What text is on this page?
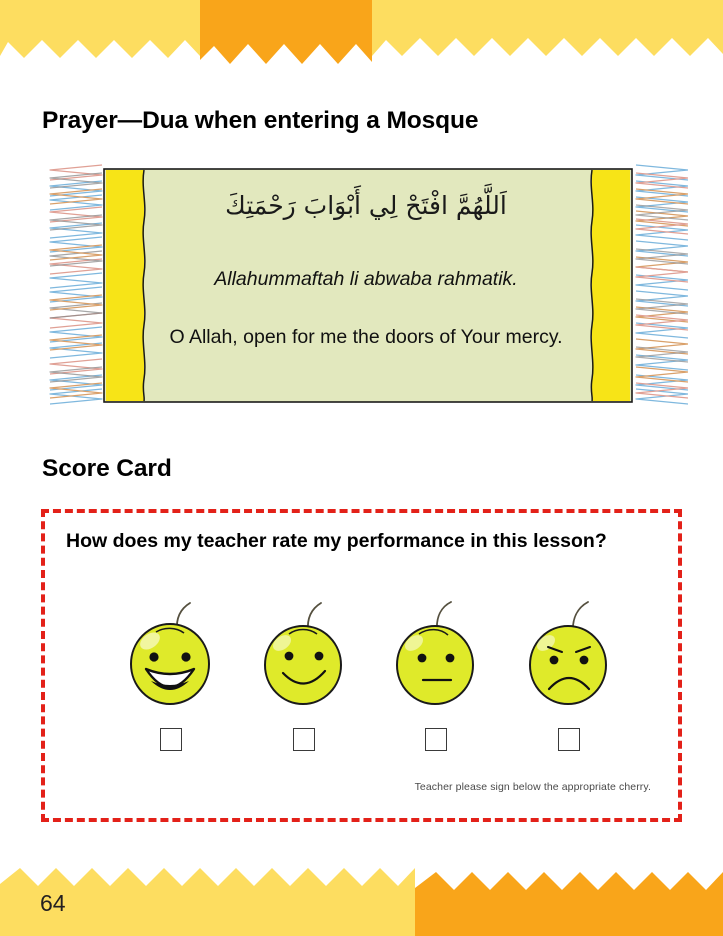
Prayer—Dua when entering a Mosque
اَللَّهُمَّ افْتَحْ لِي أَبْوَابَ رَحْمَتِكَ
Allahummaftah li abwaba rahmatik.
O Allah, open for me the doors of Your mercy.
Score Card
How does my teacher rate my performance in this lesson?
Teacher please sign below the appropriate cherry.
64
